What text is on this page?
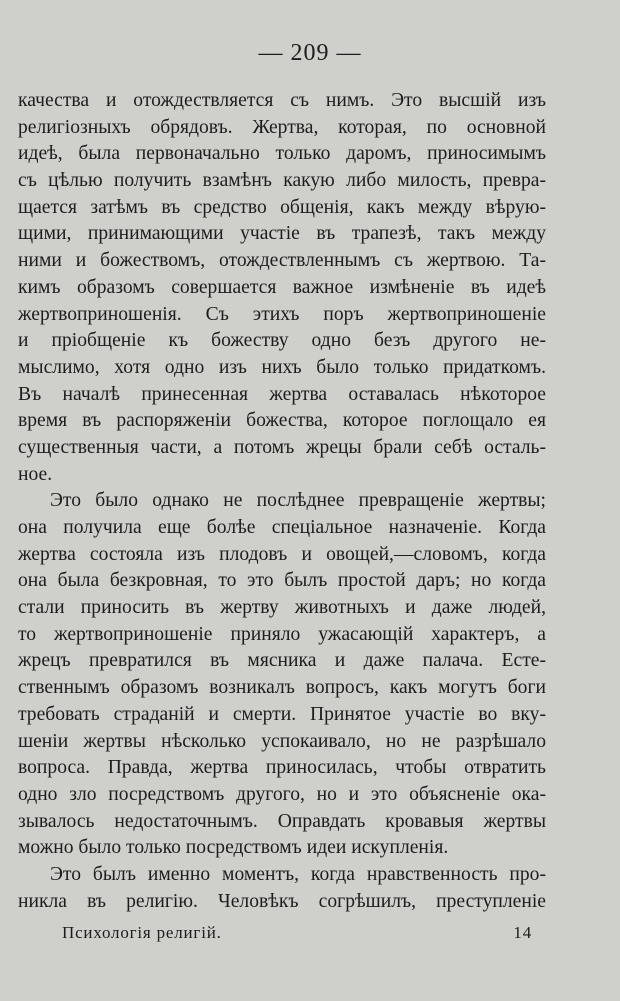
— 209 —
качества и отождествляется съ нимъ. Это высшій изъ
религіозныхъ обрядовъ. Жертва, которая, по основной
идеѣ, была первоначально только даромъ, приносимымъ
съ цѣлью получить взамѣнъ какую либо милость, превра-
щается затѣмъ въ средство общенія, какъ между вѣрую-
щими, принимающими участіе въ трапезѣ, такъ между
ними и божествомъ, отождествленнымъ съ жертвою. Та-
кимъ образомъ совершается важное измѣненіе въ идеѣ
жертвоприношенія. Съ этихъ поръ жертвоприношеніе
и пріобщеніе къ божеству одно безъ другого не-
мыслимо, хотя одно изъ нихъ было только придаткомъ.
Въ началѣ принесенная жертва оставалась нѣкоторое
время въ распоряженіи божества, которое поглощало ея
существенныя части, а потомъ жрецы брали себѣ осталь-
ное.
Это было однако не послѣднее превращеніе жертвы;
она получила еще болѣе спеціальное назначеніе. Когда
жертва состояла изъ плодовъ и овощей,—словомъ, когда
она была безкровная, то это былъ простой даръ; но когда
стали приносить въ жертву животныхъ и даже людей,
то жертвоприношеніе приняло ужасающій характеръ, а
жрецъ превратился въ мясника и даже палача. Есте-
ственнымъ образомъ возникалъ вопросъ, какъ могутъ боги
требовать страданій и смерти. Принятое участіе во вку-
шеніи жертвы нѣсколько успокаивало, но не разрѣшало
вопроса. Правда, жертва приносилась, чтобы отвратить
одно зло посредствомъ другого, но и это объясненіе ока-
зывалось недостаточнымъ. Оправдать кровавыя жертвы
можно было только посредствомъ идеи искупленія.
Это былъ именно моментъ, когда нравственность про-
никла въ религію. Человѣкъ согрѣшилъ, преступленіе
Психологія религій.	14
